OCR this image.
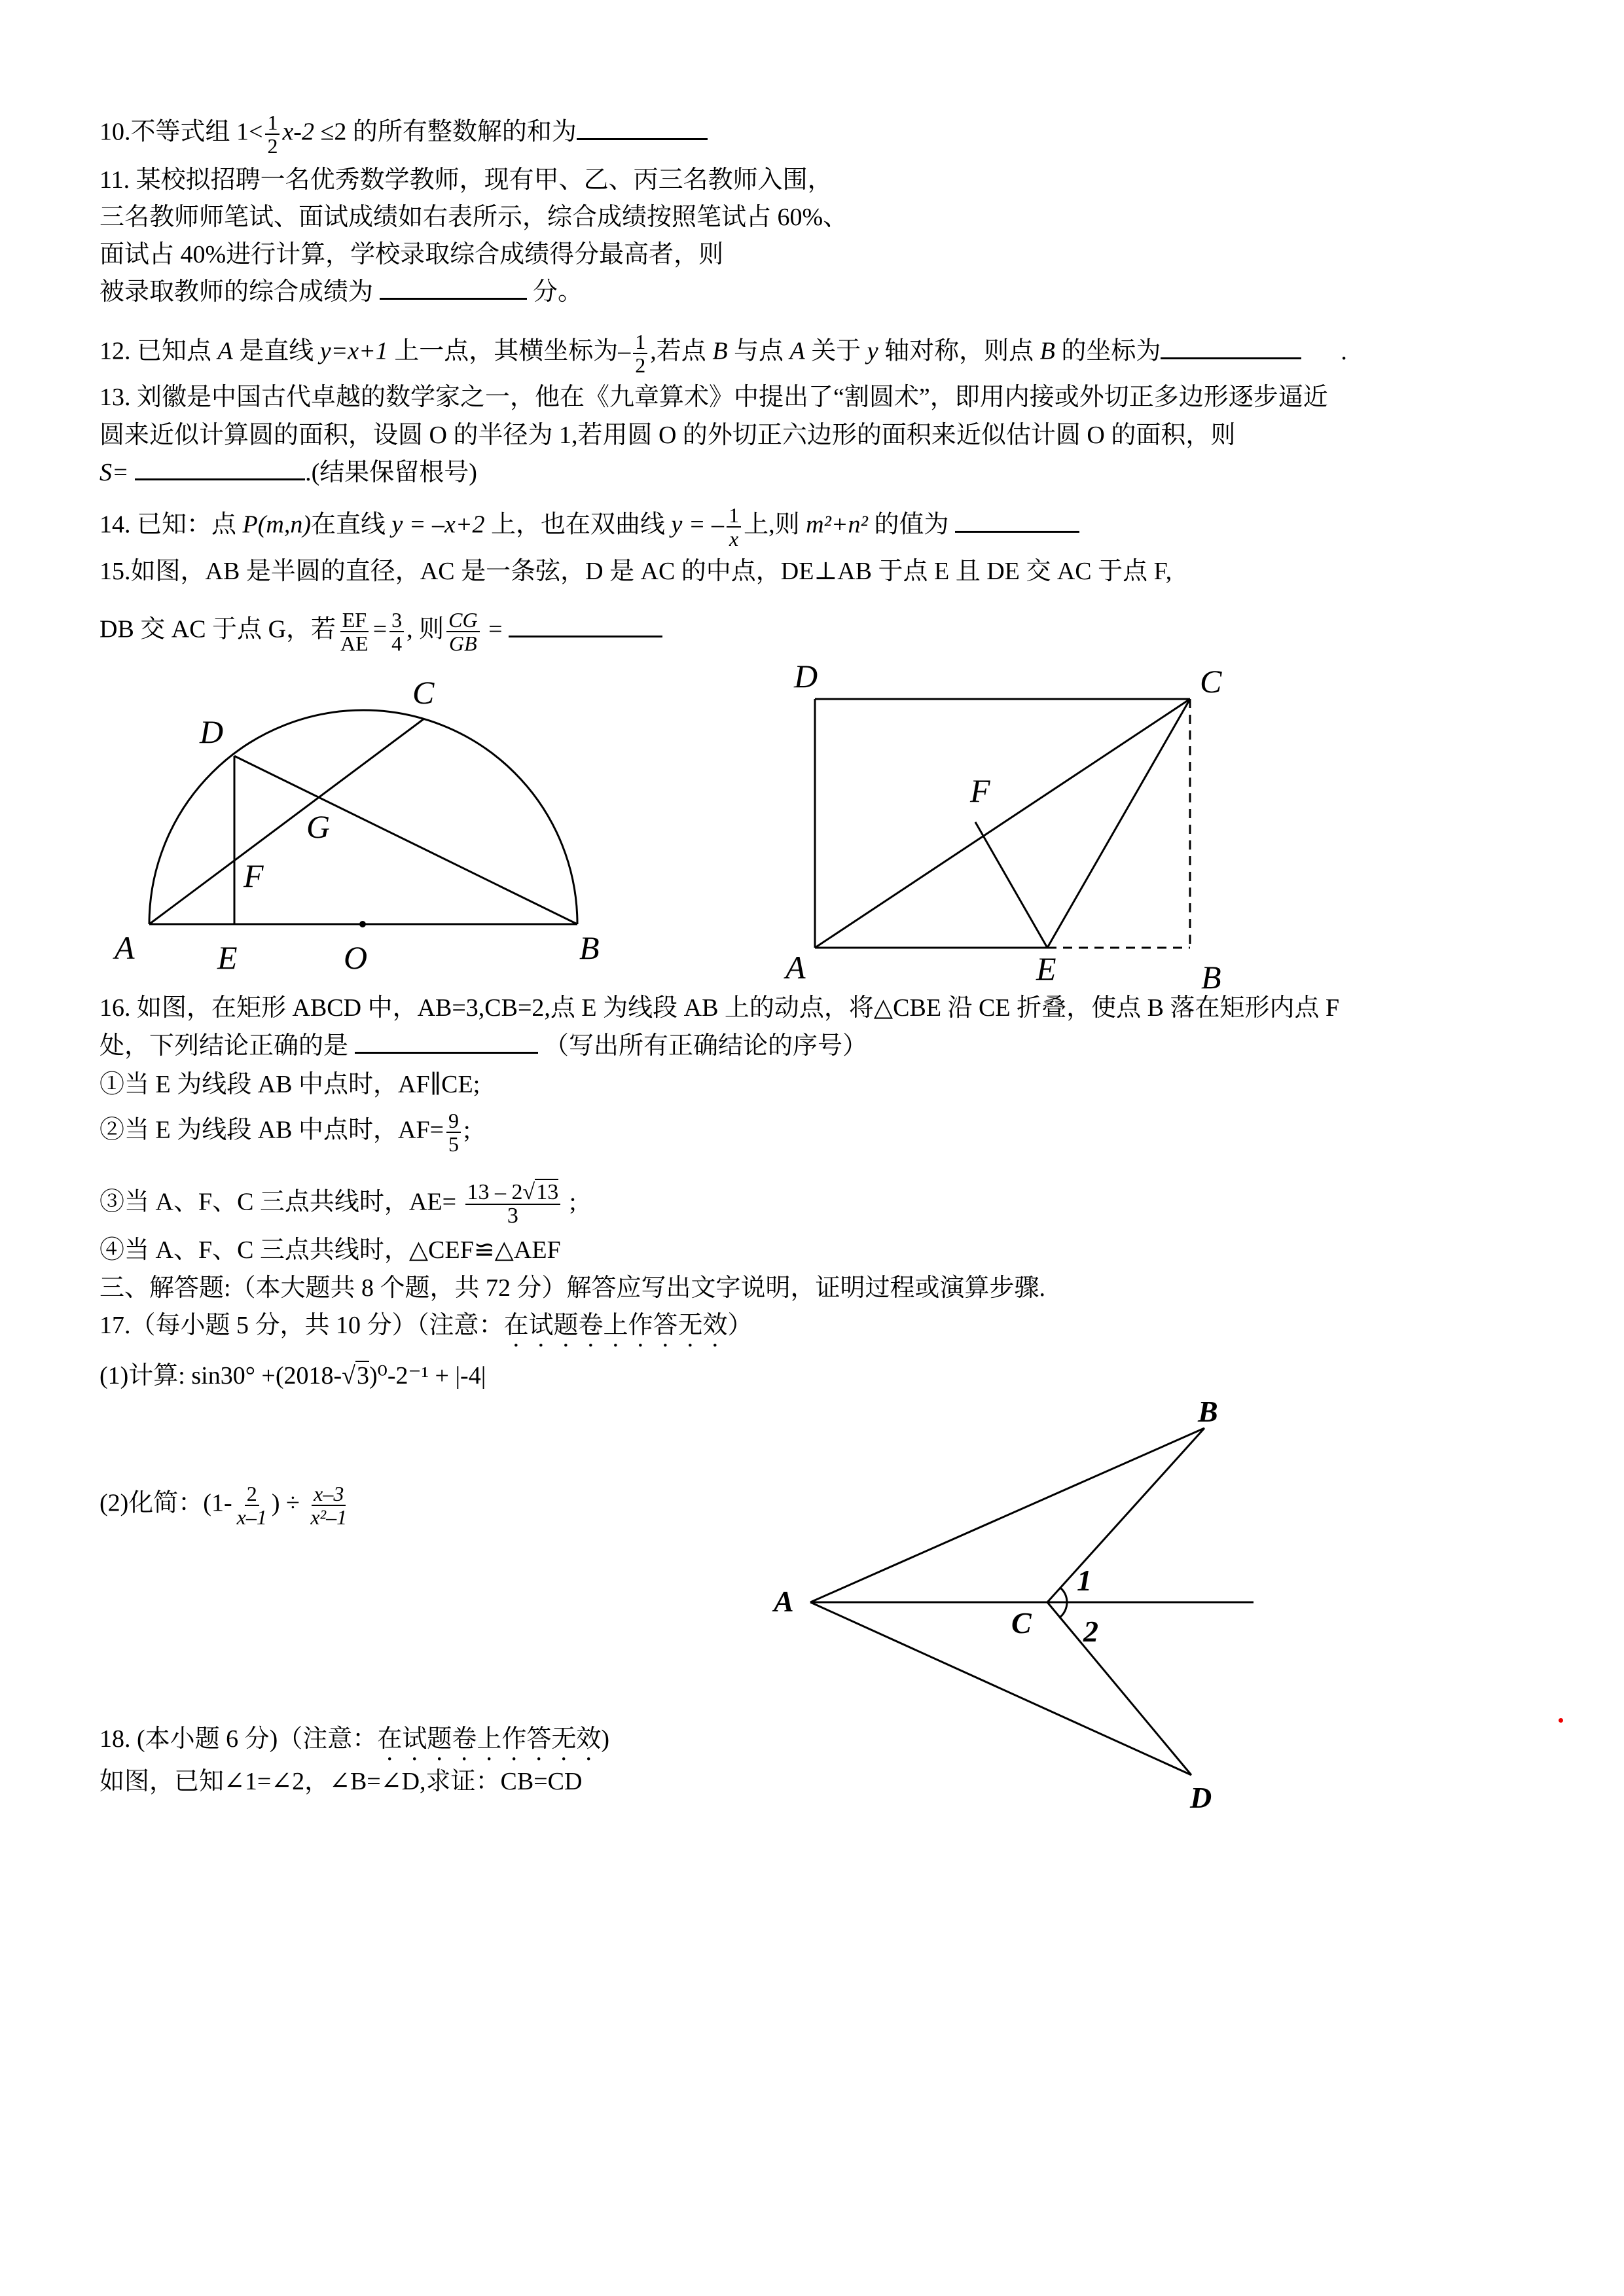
10.不等式组 $1< \frac{1}{2} x-2 \le 2$ 的所有整数解的和为
11. 某校拟招聘一名优秀数学教师，现有甲、乙、丙三名教师入围，
三名教师师笔试、面试成绩如右表所示，综合成绩按照笔试占 60%、
面试占 40%进行计算，学校录取综合成绩得分最高者，则
被录取教师的综合成绩为	分。
12. 已知点 A 是直线 y=x+1 上一点，其横坐标为– $\frac{1}{2}$ ,若点 B 与点 A 关于 y 轴对称，则点 B 的坐标为	.
13. 刘徽是中国古代卓越的数学家之一，他在《九章算术》中提出了“割圆术”，即用内接或外切正多边形逐步逼近
圆来近似计算圆的面积，设圆 O 的半径为 1,若用圆 O 的外切正六边形的面积来近似估计圆 O 的面积，则
S=	.(结果保留根号)
14. 已知：点 P(m,n)在直线 y = –x+2 上，也在双曲线 y = – $\frac{1}{x}$ 上,则 m²+n² 的值为
15.如图，AB 是半圆的直径，AC 是一条弦，D 是 AC 的中点，DE⊥AB 于点 E 且 DE 交 AC 于点 F,
DB 交 AC 于点 G，若 $\frac{EF}{AE} = \frac{3}{4}$ , 则 $\frac{CG}{GB}$ =
D
C
G
F
A	E	O	B
D	C
F
A	E	B
16. 如图，在矩形 ABCD 中，AB=3,CB=2,点 E 为线段 AB 上的动点，将△CBE 沿 CE 折叠，使点 B 落在矩形内点 F
处，下列结论正确的是	（写出所有正确结论的序号）
①当 E 为线段 AB 中点时，AF∥CE;
②当 E 为线段 AB 中点时，$AF= \frac{9}{5}$ ;
③当 A、F、C 三点共线时，$AE= \frac{13 - 2√13}{3}$ ;
④当 A、F、C 三点共线时，△CEF≌△AEF
三、解答题:（本大题共 8 个题，共 72 分）解答应写出文字说明，证明过程或演算步骤.
17.（每小题 5 分，共 10 分）（注意：在试题卷上作答无效）
(1)计算: sin30° +(2018-√3)⁰-2⁻¹ + |-4|
(2)化简：($1- \frac{2}{x-1}$ ) ÷ $\frac{x-3}{\text{x²–1}}$
B
A
C
D
1
2
18. (本小题 6 分)（注意：在试题卷上作答无效)
如图，已知∠1=∠2，∠B=∠D,求证：CB=CD
